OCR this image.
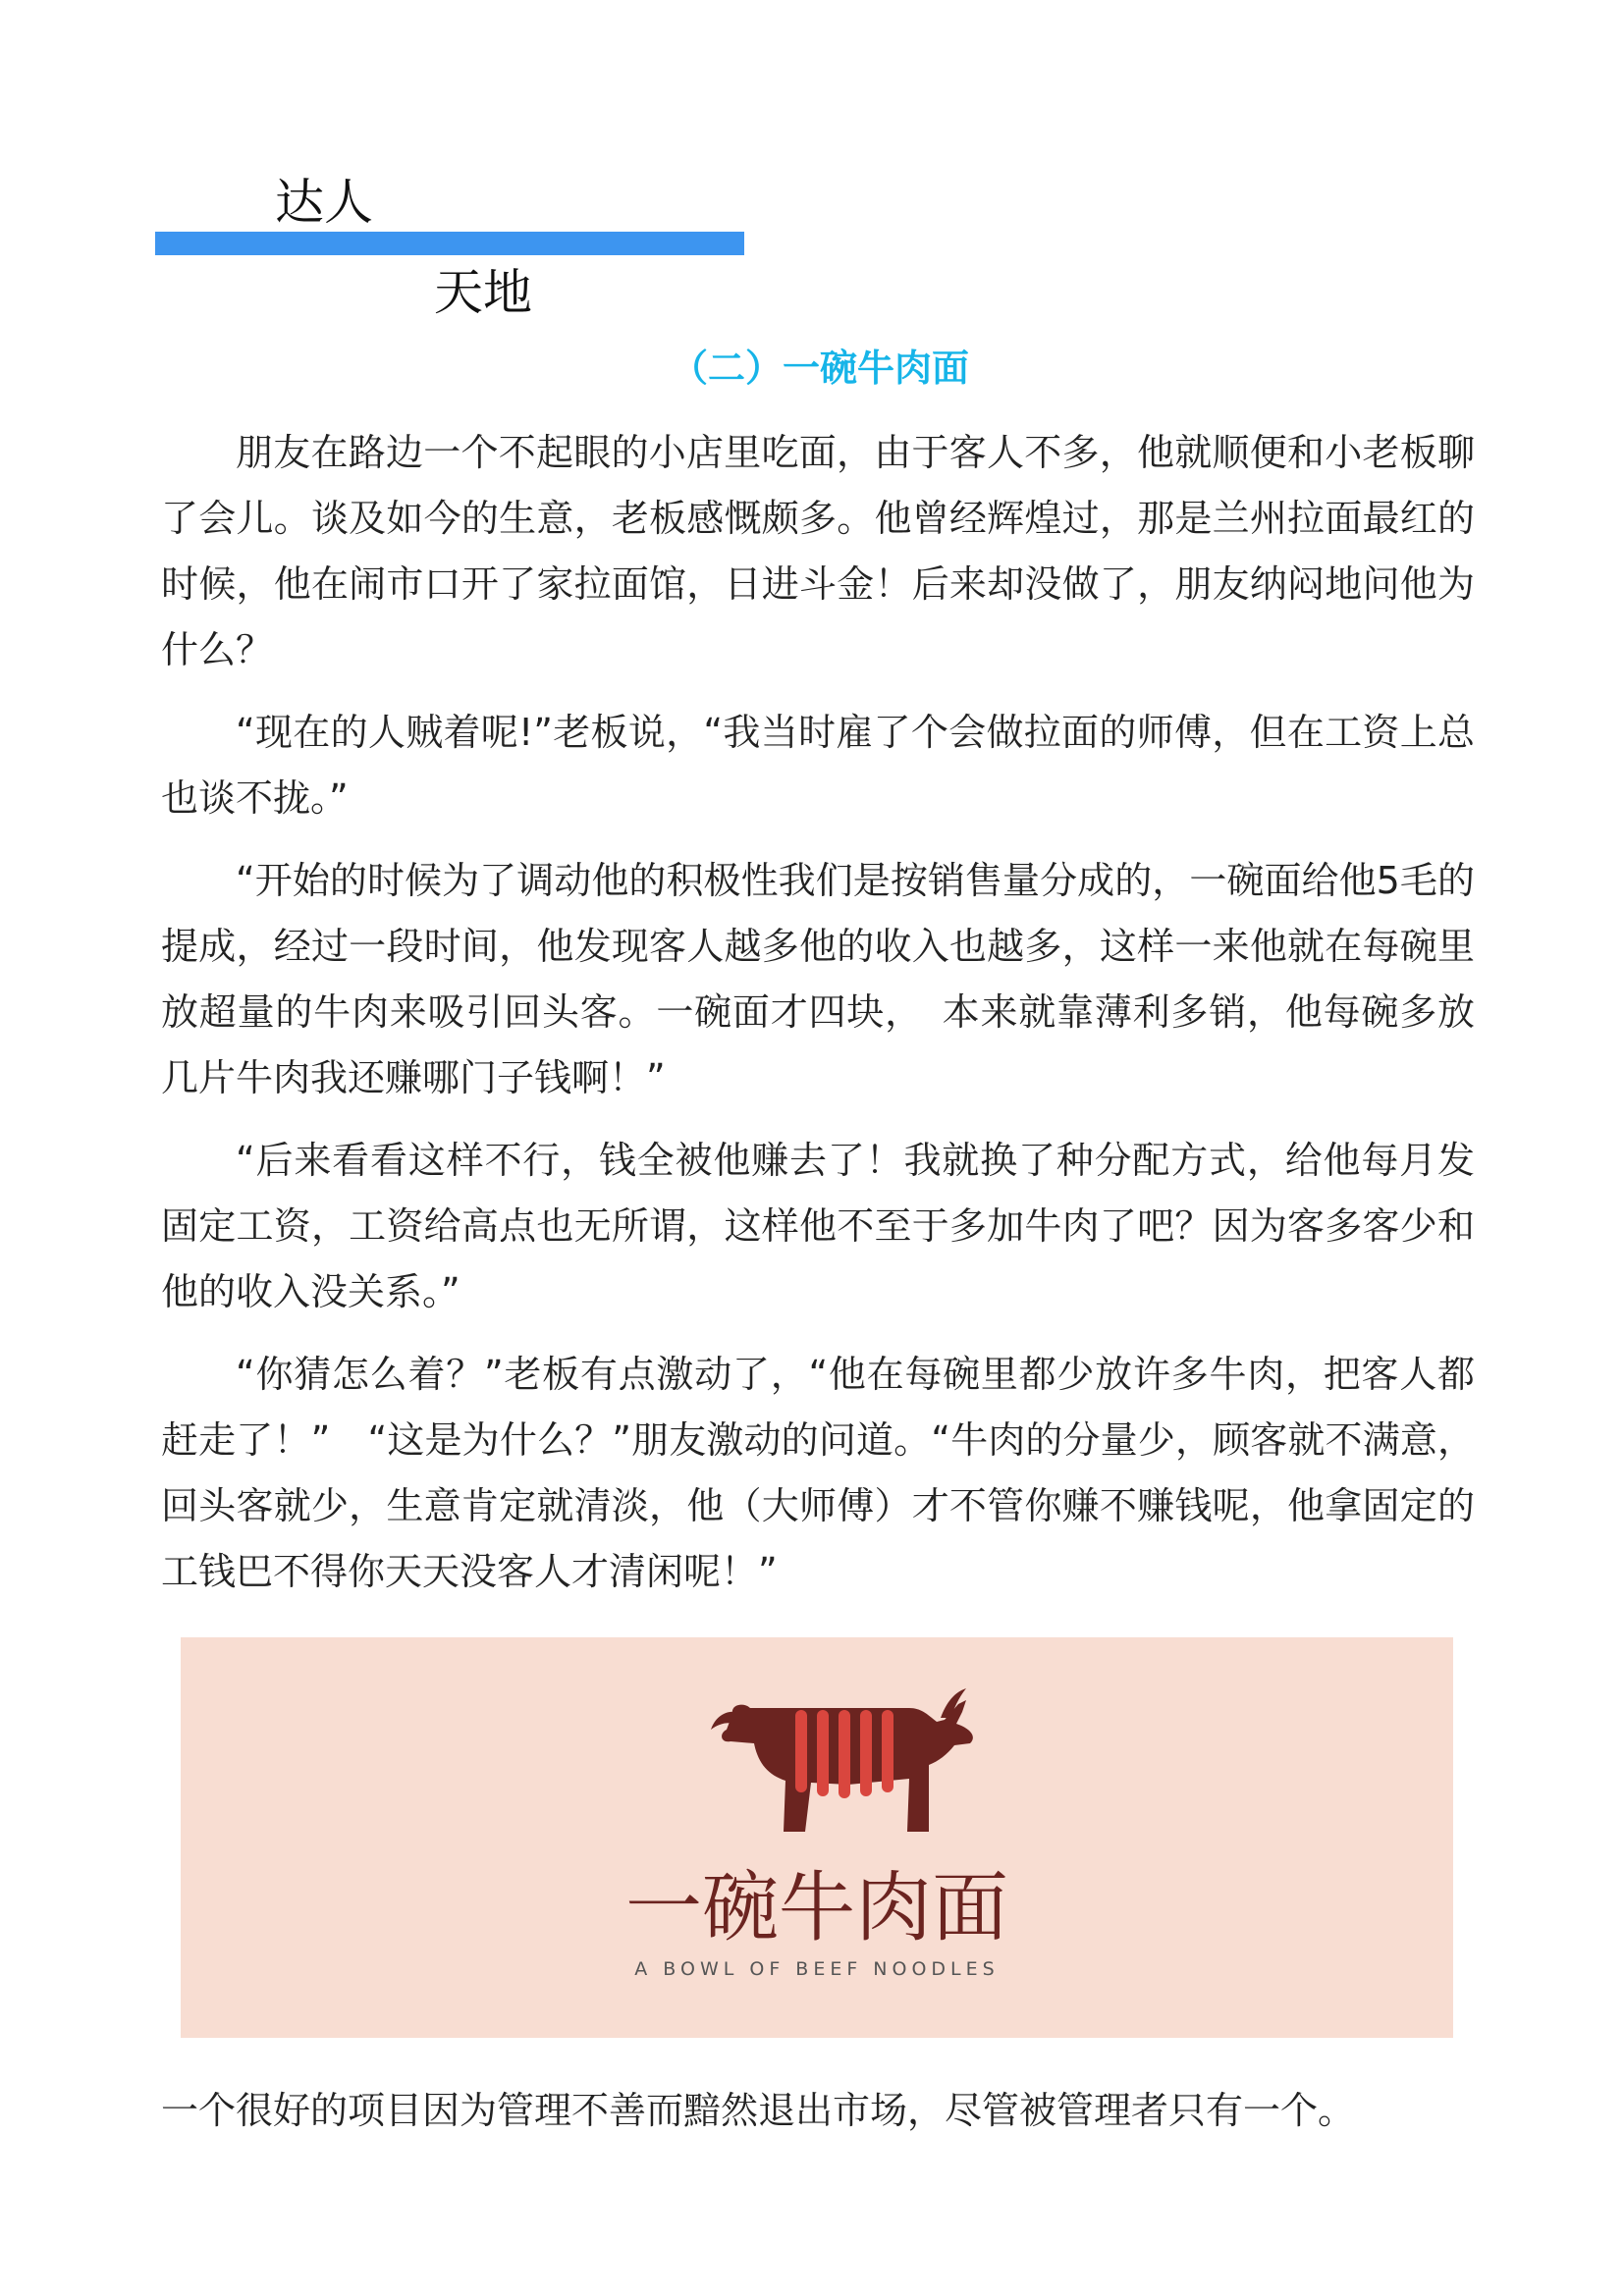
达人
天地
（二）一碗牛肉面

朋友在路边一个不起眼的小店里吃面，由于客人不多，他就顺便和小老板聊了会儿。谈及如今的生意，老板感慨颇多。他曾经辉煌过，那是兰州拉面最红的时候，他在闹市口开了家拉面馆，日进斗金！后来却没做了，朋友纳闷地问他为什么？

“现在的人贼着呢!”老板说，“我当时雇了个会做拉面的师傅，但在工资上总也谈不拢。”

“开始的时候为了调动他的积极性我们是按销售量分成的，一碗面给他5毛的提成，经过一段时间，他发现客人越多他的收入也越多，这样一来他就在每碗里放超量的牛肉来吸引回头客。一碗面才四块，　本来就靠薄利多销，他每碗多放几片牛肉我还赚哪门子钱啊！”

“后来看看这样不行，钱全被他赚去了！我就换了种分配方式，给他每月发固定工资，工资给高点也无所谓，这样他不至于多加牛肉了吧？因为客多客少和他的收入没关系。”

“你猜怎么着？”老板有点激动了，“他在每碗里都少放许多牛肉，把客人都赶走了！”　“这是为什么？”朋友激动的问道。“牛肉的分量少，顾客就不满意，回头客就少，生意肯定就清淡，他（大师傅）才不管你赚不赚钱呢，他拿固定的工钱巴不得你天天没客人才清闲呢！”

一碗牛肉面
A BOWL OF BEEF NOODLES
一个很好的项目因为管理不善而黯然退出市场，尽管被管理者只有一个。
